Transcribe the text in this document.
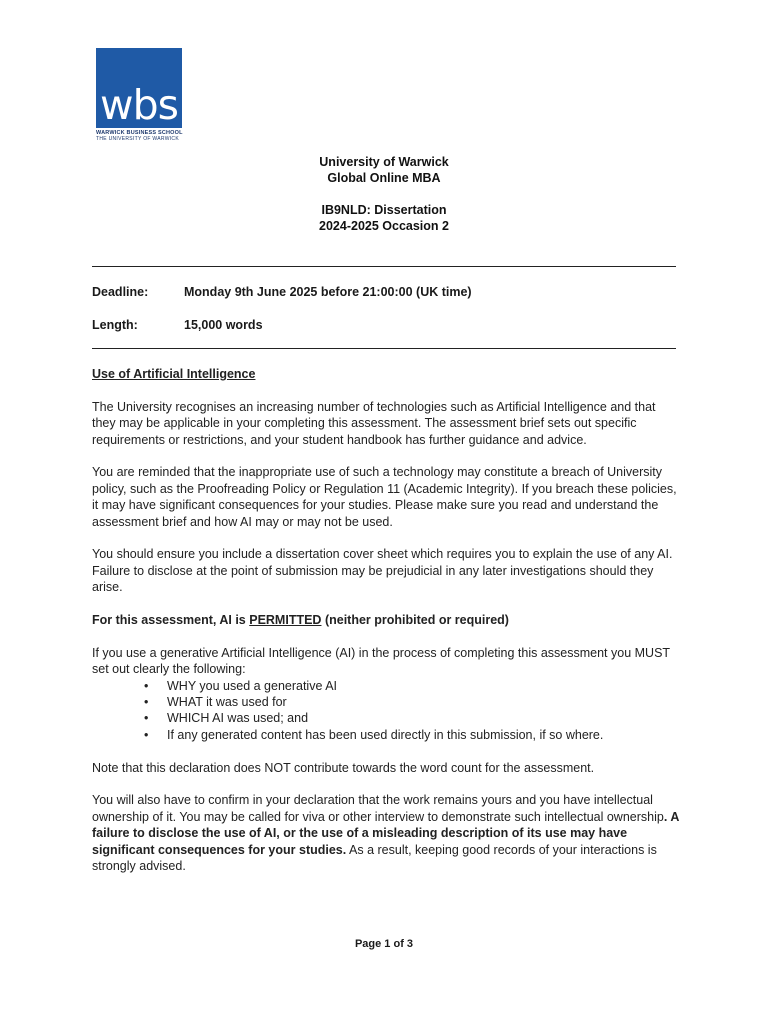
wbs
WARWICK BUSINESS SCHOOL
THE UNIVERSITY OF WARWICK
University of Warwick
Global Online MBA
IB9NLD: Dissertation
2024-2025 Occasion 2
Deadline:	Monday 9th June 2025 before 21:00:00 (UK time)
Length:	15,000 words

Use of Artificial Intelligence

The University recognises an increasing number of technologies such as Artificial Intelligence and that they may be applicable in your completing this assessment. The assessment brief sets out specific requirements or restrictions, and your student handbook has further guidance and advice.

You are reminded that the inappropriate use of such a technology may constitute a breach of University policy, such as the Proofreading Policy or Regulation 11 (Academic Integrity). If you breach these policies, it may have significant consequences for your studies. Please make sure you read and understand the assessment brief and how AI may or may not be used.

You should ensure you include a dissertation cover sheet which requires you to explain the use of any AI. Failure to disclose at the point of submission may be prejudicial in any later investigations should they arise.

For this assessment, AI is PERMITTED (neither prohibited or required)

If you use a generative Artificial Intelligence (AI) in the process of completing this assessment you MUST set out clearly the following:

• WHY you used a generative AI
• WHAT it was used for
• WHICH AI was used; and
• If any generated content has been used directly in this submission, if so where.

Note that this declaration does NOT contribute towards the word count for the assessment.

You will also have to confirm in your declaration that the work remains yours and you have intellectual ownership of it. You may be called for viva or other interview to demonstrate such intellectual ownership. A failure to disclose the use of AI, or the use of a misleading description of its use may have significant consequences for your studies. As a result, keeping good records of your interactions is strongly advised.

Page 1 of 3
